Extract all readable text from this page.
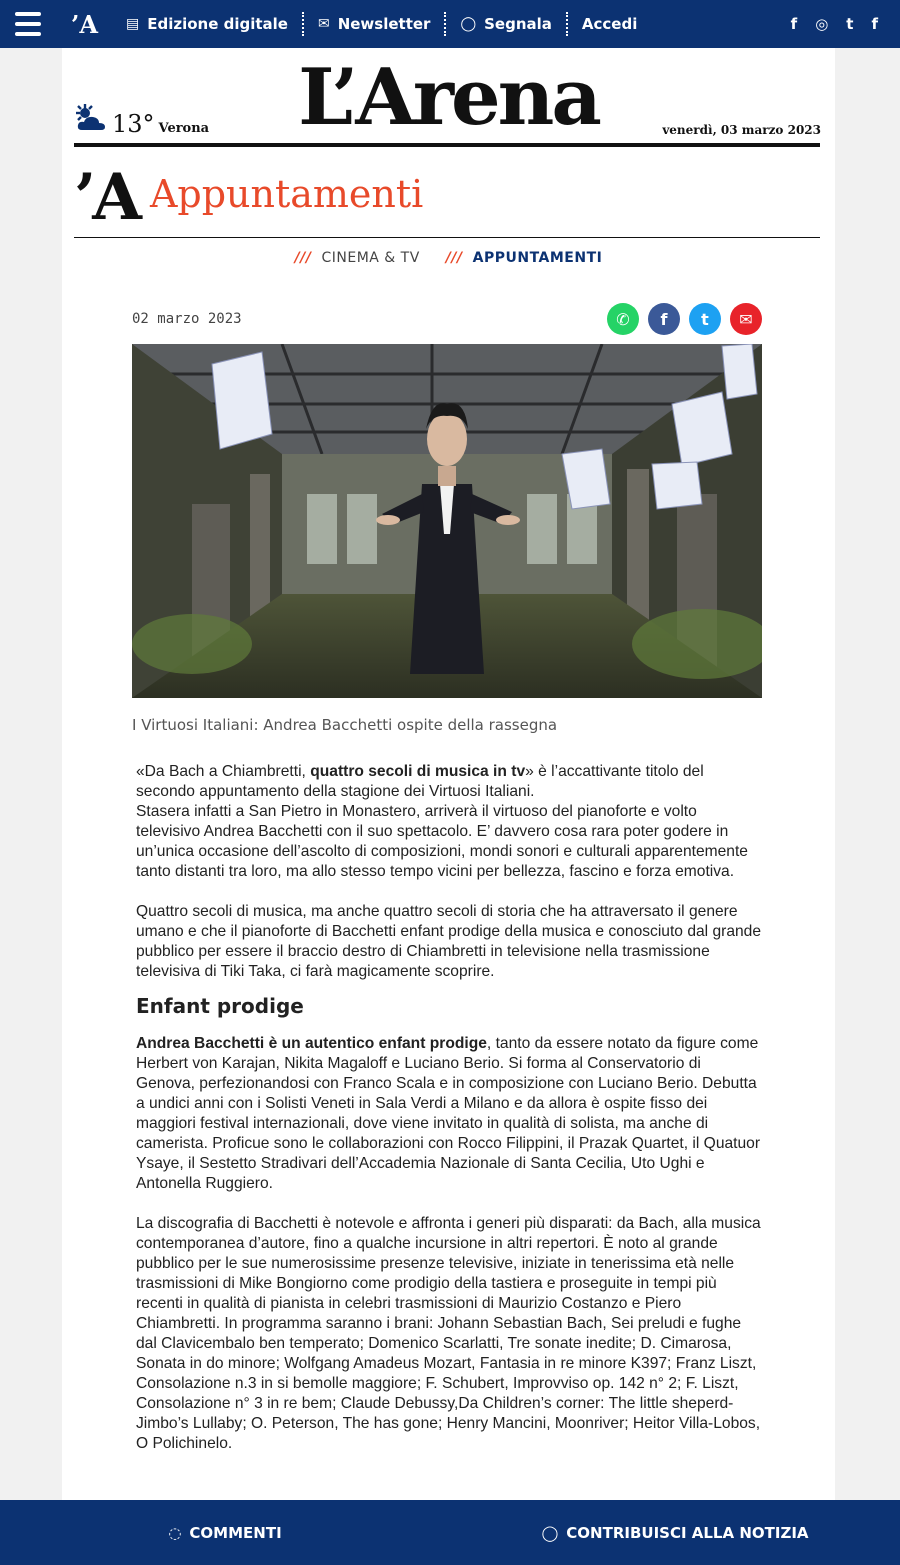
’A ▤ Edizione digitale ✉ Newsletter ◯ Segnala Accedi	f ◎ t f
13° Verona	L’Arena	venerdì, 03 marzo 2023
’A Appuntamenti
/// CINEMA & TV /// APPUNTAMENTI
02 marzo 2023	✆	f	t	✉
I Virtuosi Italiani: Andrea Bacchetti ospite della rassegna

«Da Bach a Chiambretti, quattro secoli di musica in tv» è l’accattivante titolo del secondo appuntamento della stagione dei Virtuosi Italiani.
Stasera infatti a San Pietro in Monastero, arriverà il virtuoso del pianoforte e volto televisivo Andrea Bacchetti con il suo spettacolo. E’ davvero cosa rara poter godere in un’unica occasione dell’ascolto di composizioni, mondi sonori e culturali apparentemente tanto distanti tra loro, ma allo stesso tempo vicini per bellezza, fascino e forza emotiva.

Quattro secoli di musica, ma anche quattro secoli di storia che ha attraversato il genere umano e che il pianoforte di Bacchetti enfant prodige della musica e conosciuto dal grande pubblico per essere il braccio destro di Chiambretti in televisione nella trasmissione televisiva di Tiki Taka, ci farà magicamente scoprire.

Enfant prodige

Andrea Bacchetti è un autentico enfant prodige, tanto da essere notato da figure come Herbert von Karajan, Nikita Magaloff e Luciano Berio. Si forma al Conservatorio di Genova, perfezionandosi con Franco Scala e in composizione con Luciano Berio. Debutta a undici anni con i Solisti Veneti in Sala Verdi a Milano e da allora è ospite fisso dei maggiori festival internazionali, dove viene invitato in qualità di solista, ma anche di camerista. Proficue sono le collaborazioni con Rocco Filippini, il Prazak Quartet, il Quatuor Ysaye, il Sestetto Stradivari dell’Accademia Nazionale di Santa Cecilia, Uto Ughi e Antonella Ruggiero.

La discografia di Bacchetti è notevole e affronta i generi più disparati: da Bach, alla musica contemporanea d’autore, fino a qualche incursione in altri repertori. È noto al grande pubblico per le sue numerosissime presenze televisive, iniziate in tenerissima età nelle trasmissioni di Mike Bongiorno come prodigio della tastiera e proseguite in tempi più recenti in qualità di pianista in celebri trasmissioni di Maurizio Costanzo e Piero Chiambretti. In programma saranno i brani: Johann Sebastian Bach, Sei preludi e fughe dal Clavicembalo ben temperato; Domenico Scarlatti, Tre sonate inedite; D. Cimarosa, Sonata in do minore; Wolfgang Amadeus Mozart, Fantasia in re minore K397; Franz Liszt, Consolazione n.3 in si bemolle maggiore; F. Schubert, Improvviso op. 142 n° 2; F. Liszt, Consolazione n° 3 in re bem; Claude Debussy,Da Children’s corner: The little sheperd- Jimbo’s Lullaby; O. Peterson, The has gone; Henry Mancini, Moonriver; Heitor Villa-Lobos, O Polichinelo.

◌ COMMENTI	◯ CONTRIBUISCI ALLA NOTIZIA
